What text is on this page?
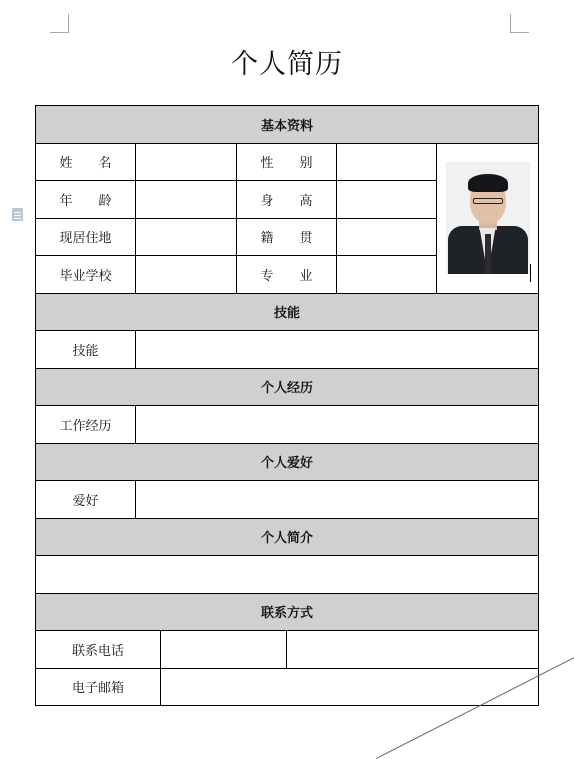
个人简历
基本资料						
姓　　名			性　　别			

年　　龄			身　　高			
现居住地			籍　　贯			
毕业学校			专　　业			
技能						
技能						
个人经历						
工作经历						
个人爱好						
爱好						
个人简介						

联系方式						
联系电话						
电子邮箱						
